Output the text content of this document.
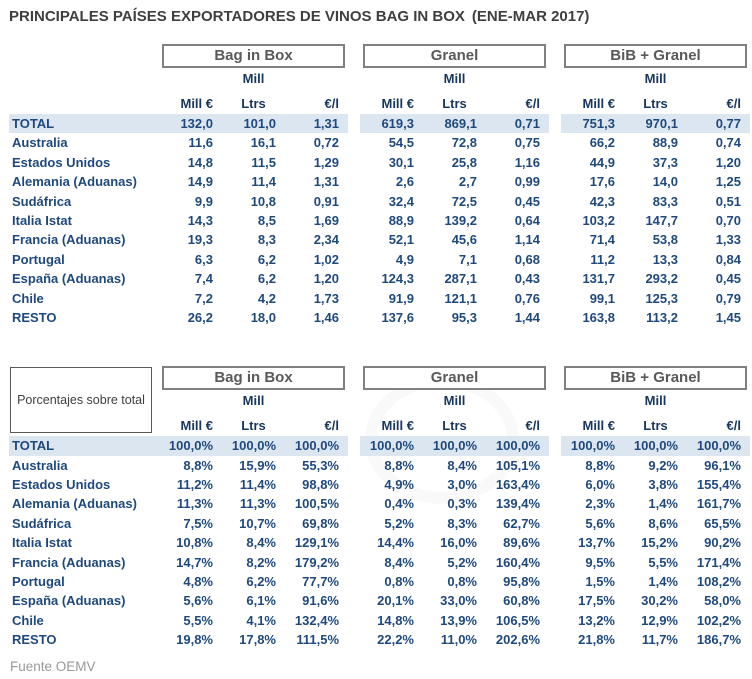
PRINCIPALES PAÍSES EXPORTADORES DE VINOS BAG IN BOX (ENE-MAR 2017)
Bag in Box
Mill
Mill €	Ltrs	€/l
Granel
Mill
Mill €	Ltrs	€/l
BiB + Granel
Mill
Mill €	Ltrs	€/l
TOTAL	132,0	101,0	1,31	619,3	869,1	0,71	751,3	970,1	0,77
Australia	11,6	16,1	0,72	54,5	72,8	0,75	66,2	88,9	0,74
Estados Unidos	14,8	11,5	1,29	30,1	25,8	1,16	44,9	37,3	1,20
Alemania (Aduanas)	14,9	11,4	1,31	2,6	2,7	0,99	17,6	14,0	1,25
Sudáfrica	9,9	10,8	0,91	32,4	72,5	0,45	42,3	83,3	0,51
Italia Istat	14,3	8,5	1,69	88,9	139,2	0,64	103,2	147,7	0,70
Francia (Aduanas)	19,3	8,3	2,34	52,1	45,6	1,14	71,4	53,8	1,33
Portugal	6,3	6,2	1,02	4,9	7,1	0,68	11,2	13,3	0,84
España (Aduanas)	7,4	6,2	1,20	124,3	287,1	0,43	131,7	293,2	0,45
Chile	7,2	4,2	1,73	91,9	121,1	0,76	99,1	125,3	0,79
RESTO	26,2	18,0	1,46	137,6	95,3	1,44	163,8	113,2	1,45
Porcentajes sobre total
Bag in Box
Mill
Mill €	Ltrs	€/l
Granel
Mill
Mill €	Ltrs	€/l
BiB + Granel
Mill
Mill €	Ltrs	€/l
TOTAL	100,0%	100,0%	100,0%	100,0%	100,0%	100,0%	100,0%	100,0%	100,0%
Australia	8,8%	15,9%	55,3%	8,8%	8,4%	105,1%	8,8%	9,2%	96,1%
Estados Unidos	11,2%	11,4%	98,8%	4,9%	3,0%	163,4%	6,0%	3,8%	155,4%
Alemania (Aduanas)	11,3%	11,3%	100,5%	0,4%	0,3%	139,4%	2,3%	1,4%	161,7%
Sudáfrica	7,5%	10,7%	69,8%	5,2%	8,3%	62,7%	5,6%	8,6%	65,5%
Italia Istat	10,8%	8,4%	129,1%	14,4%	16,0%	89,6%	13,7%	15,2%	90,2%
Francia (Aduanas)	14,7%	8,2%	179,2%	8,4%	5,2%	160,4%	9,5%	5,5%	171,4%
Portugal	4,8%	6,2%	77,7%	0,8%	0,8%	95,8%	1,5%	1,4%	108,2%
España (Aduanas)	5,6%	6,1%	91,6%	20,1%	33,0%	60,8%	17,5%	30,2%	58,0%
Chile	5,5%	4,1%	132,4%	14,8%	13,9%	106,5%	13,2%	12,9%	102,2%
RESTO	19,8%	17,8%	111,5%	22,2%	11,0%	202,6%	21,8%	11,7%	186,7%
Fuente OEMV
